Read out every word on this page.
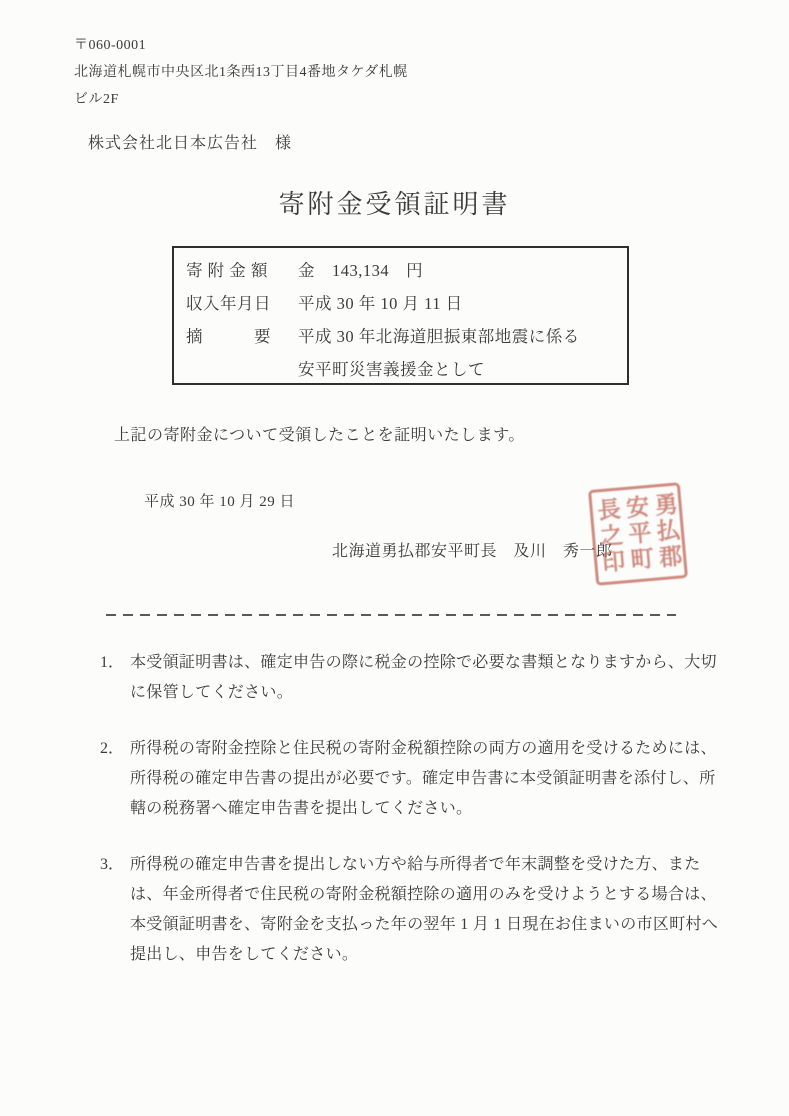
〒060-0001
北海道札幌市中央区北1条西13丁目4番地タケダ札幌
ビル2F
株式会社北日本広告社　様
寄附金受領証明書
寄 附 金 額	金　143,134　円
収入年月日	平成 30 年 10 月 11 日
摘　　　要	平成 30 年北海道胆振東部地震に係る
安平町災害義援金として
上記の寄附金について受領したことを証明いたします。
平成 30 年 10 月 29 日
北海道勇払郡安平町長　及川　秀一郎 勇払郡
安平町
長之印
1． 本受領証明書は、確定申告の際に税金の控除で必要な書類となりますから、大切に保管してください。
2． 所得税の寄附金控除と住民税の寄附金税額控除の両方の適用を受けるためには、所得税の確定申告書の提出が必要です。確定申告書に本受領証明書を添付し、所轄の税務署へ確定申告書を提出してください。
3． 所得税の確定申告書を提出しない方や給与所得者で年末調整を受けた方、または、年金所得者で住民税の寄附金税額控除の適用のみを受けようとする場合は、本受領証明書を、寄附金を支払った年の翌年 1 月 1 日現在お住まいの市区町村へ提出し、申告をしてください。
